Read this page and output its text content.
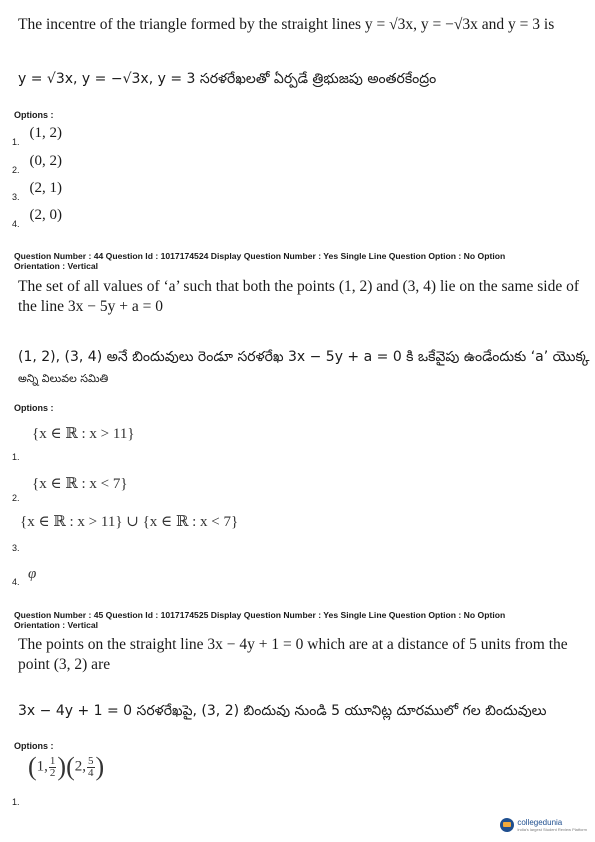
The incentre of the triangle formed by the straight lines y = √3x, y = −√3x and y = 3 is
y = √3x, y = −√3x, y = 3 సరళరేఖలతో ఏర్పడే త్రిభుజపు అంతరకేంద్రం
Options :
$_{1.}$ (1, 2)
$_{2.}$ (0, 2)
$_{3.}$ (2, 1)
$_{4.}$ (2, 0)
Question Number : 44 Question Id : 1017174524 Display Question Number : Yes Single Line Question Option : No Option
Orientation : Vertical
The set of all values of ‘a’ such that both the points (1, 2) and (3, 4) lie on the same side of
the line 3x − 5y + a = 0
(1, 2), (3, 4) అనే బిందువులు రెండూ సరళరేఖ 3x − 5y + a = 0 కి ఒకేవైపు ఉండేందుకు ‘a’ యొక్క
అన్ని విలువల సమితి
Options :
{x ∈ ℝ : x > 11}
1.
{x ∈ ℝ : x < 7}
2.
{x ∈ ℝ : x > 11} ∪ {x ∈ ℝ : x < 7}
3.
φ
4.
Question Number : 45 Question Id : 1017174525 Display Question Number : Yes Single Line Question Option : No Option
Orientation : Vertical
The points on the straight line 3x − 4y + 1 = 0 which are at a distance of 5 units from the
point (3, 2) are
3x − 4y + 1 = 0 సరళరేఖపై, (3, 2) బిందువు నుండి 5 యూనిట్ల దూరములో గల బిందువులు
Options :
(1, $\frac{1}{2} )(2$, $\frac{5}{4}$ )
1.
collegedunia
India's largest Student Review Platform
